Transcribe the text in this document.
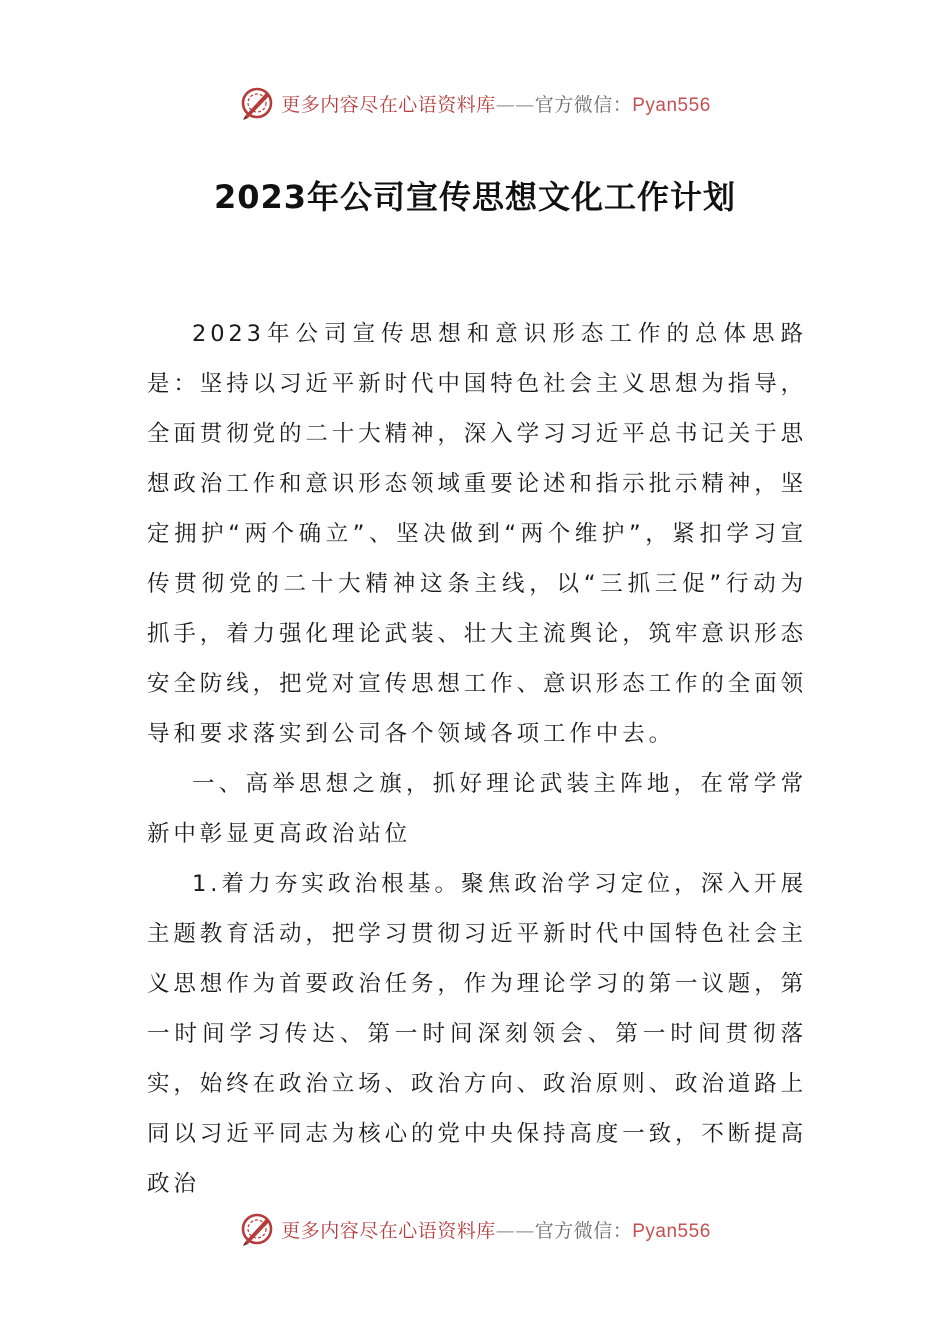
更多内容尽在心语资料库——官方微信：Pyan556
2023年公司宣传思想文化工作计划

2023年公司宣传思想和意识形态工作的总体思路是：坚持以习近平新时代中国特色社会主义思想为指导，全面贯彻党的二十大精神，深入学习习近平总书记关于思想政治工作和意识形态领域重要论述和指示批示精神，坚定拥护“两个确立”、坚决做到“两个维护”，紧扣学习宣传贯彻党的二十大精神这条主线，以“三抓三促”行动为抓手，着力强化理论武装、壮大主流舆论，筑牢意识形态安全防线，把党对宣传思想工作、意识形态工作的全面领导和要求落实到公司各个领域各项工作中去。

一、高举思想之旗，抓好理论武装主阵地，在常学常新中彰显更高政治站位

1.着力夯实政治根基。聚焦政治学习定位，深入开展主题教育活动，把学习贯彻习近平新时代中国特色社会主义思想作为首要政治任务，作为理论学习的第一议题，第一时间学习传达、第一时间深刻领会、第一时间贯彻落实，始终在政治立场、政治方向、政治原则、政治道路上同以习近平同志为核心的党中央保持高度一致，不断提高政治

更多内容尽在心语资料库——官方微信：Pyan556
